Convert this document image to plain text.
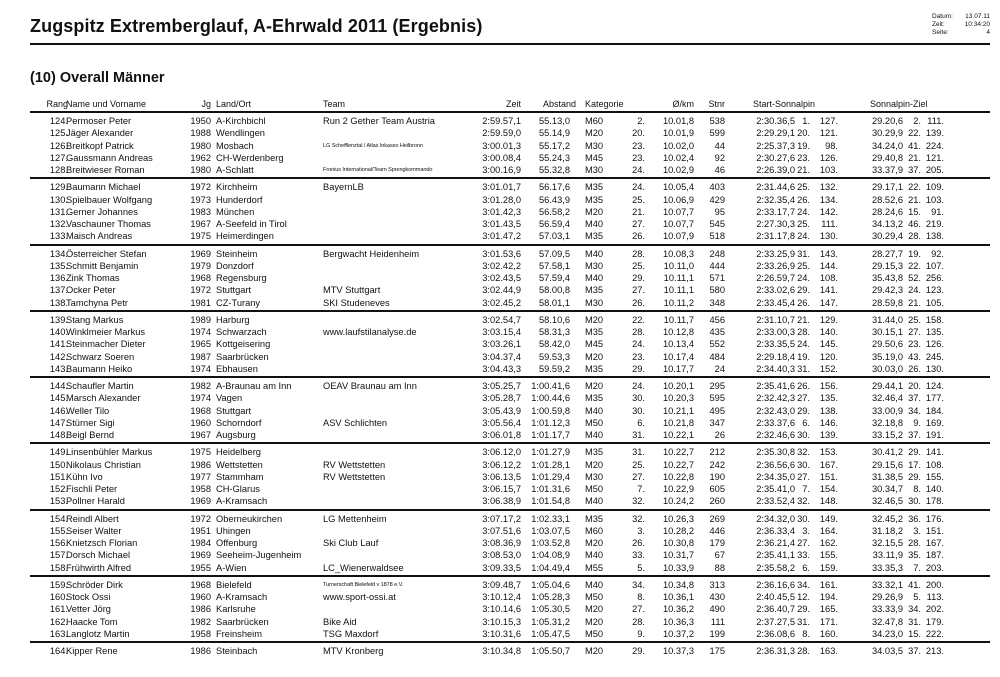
Zugspitz Extremberglauf, A-Ehrwald 2011 (Ergebnis)	Datum: 13.07.11
Zeit:	10:34:20
Seite:	4
(10) Overall Männer
Rang
Name und Vorname	Jg Land/Ort	Team	Zeit	Abstand Kategorie	Ø/km	Stnr	Start-Sonnalpin	Sonnalpin-Ziel
124.
Permoser Peter	1950 A-Kirchbichl	Run 2 Gether Team Austria	2:59.57,1	55.13,0 M60	2.	10.01,8	538	2:30.36,5 1.	127.	29.20,6	2. 111.
125.
Jäger Alexander	1988 Wendlingen	2:59.59,0	55.14,9 M20	20.	10.01,9	599	2:29.29,1 20.	121.	30.29,9 22. 139.
126.
Breitkopf Patrick	1980 Mosbach	LG Schefflenztal / Atlas Inkasso Heilbronn	3:00.01,3	55.17,2 M30	23.	10.02,0	44	2:25.37,3 19.	98.	34.24,0 41. 224.
127.
Gaussmann Andreas	1962 CH-Werdenberg	3:00.08,4	55.24,3 M45	23.	10.02,4	92	2:30.27,6 23.	126.	29.40,8 21. 121.
128.
Breitwieser Roman	1980 A-Schlatt	Fronius International/Team Sprengkommando	3:00.16,9	55.32,8 M30	24.	10.02,9	46	2:26.39,0 21.	103.	33.37,9 37. 205.
129.
Baumann Michael	1972 Kirchheim	BayernLB	3:01.01,7	56.17,6 M35	24.	10.05,4	403	2:31.44,6 25.	132.	29.17,1 22. 109.
130.
Spielbauer Wolfgang	1973 Hunderdorf	3:01.28,0	56.43,9 M35	25.	10.06,9	429	2:32.35,4 26.	134.	28.52,6 21. 103.
131.
Gerner Johannes	1983 München	3:01.42,3	56.58,2 M20	21.	10.07,7	95	2:33.17,7 24.	142.	28.24,6 15.	91.
132.
Vaschauner Thomas	1967 A-Seefeld in Tirol	3:01.43,5	56.59,4 M40	27.	10.07,7	545	2:27.30,3 25.	111.	34.13,2 46. 219.
133.
Maisch Andreas	1975 Heimerdingen	3:01.47,2	57.03,1 M35	26.	10.07,9	518	2:31.17,8 24.	130.	30.29,4 28. 138.
134.
Österreicher Stefan	1969 Steinheim	Bergwacht Heidenheim	3:01.53,6	57.09,5 M40	28.	10.08,3	248	2:33.25,9 31.	143.	28.27,7 19.	92.
135.
Schmitt Benjamin	1979 Donzdorf	3:02.42,2	57.58,1 M30	25.	10.11,0	444	2:33.26,9 25.	144.	29.15,3 22. 107.
136.
Zink Thomas	1968 Regensburg	3:02.43,5	57.59,4 M40	29.	10.11,1	571	2:26.59,7 24.	108.	35.43,8 52. 256.
137.
Ocker Peter	1972 Stuttgart	MTV Stuttgart	3:02.44,9	58.00,8 M35	27.	10.11,1	580	2:33.02,6 29.	141.	29.42,3 24. 123.
138.
Tamchyna Petr	1981 CZ-Turany	SKI Studeneves	3:02.45,2	58.01,1 M30	26.	10.11,2	348	2:33.45,4 26.	147.	28.59,8 21. 105.
139.
Stang Markus	1989 Harburg	3:02.54,7	58.10,6 M20	22.	10.11,7	456	2:31.10,7 21.	129.	31.44,0 25. 158.
140.
Winklmeier Markus	1974 Schwarzach	www.laufstilanalyse.de	3:03.15,4	58.31,3 M35	28.	10.12,8	435	2:33.00,3 28.	140.	30.15,1 27. 135.
141.
Steinmacher Dieter	1965 Kottgeisering	3:03.26,1	58.42,0 M45	24.	10.13,4	552	2:33.35,5 24.	145.	29.50,6 23. 126.
142.
Schwarz Soeren	1987 Saarbrücken	3:04.37,4	59.53,3 M20	23.	10.17,4	484	2:29.18,4 19.	120.	35.19,0 43. 245.
143.
Baumann Heiko	1974 Ebhausen	3:04.43,3	59.59,2 M35	29.	10.17,7	24	2:34.40,3 31.	152.	30.03,0 26. 130.
144.
Schaufler Martin	1982 A-Braunau am Inn	OEAV Braunau am Inn	3:05.25,7	1:00.41,6 M20	24.	10.20,1	295	2:35.41,6 26.	156.	29.44,1 20. 124.
145.
Marsch Alexander	1974 Vagen	3:05.28,7	1:00.44,6 M35	30.	10.20,3	595	2:32.42,3 27.	135.	32.46,4 37. 177.
146.
Weller Tilo	1968 Stuttgart	3:05.43,9	1:00.59,8 M40	30.	10.21,1	495	2:32.43,0 29.	138.	33.00,9 34. 184.
147.
Stürner Sigi	1960 Schorndorf	ASV Schlichten	3:05.56,4	1:01.12,3 M50	6.	10.21,8	347	2:33.37,6 6.	146.	32.18,8	9. 169.
148.
Beigl Bernd	1967 Augsburg	3:06.01,8	1:01.17,7 M40	31.	10.22,1	26	2:32.46,6 30.	139.	33.15,2 37. 191.
149.
Linsenbühler Markus	1975 Heidelberg	3:06.12,0	1:01.27,9 M35	31.	10.22,7	212	2:35.30,8 32.	153.	30.41,2 29. 141.
150.
Nikolaus Christian	1986 Wettstetten	RV Wettstetten	3:06.12,2	1:01.28,1 M20	25.	10.22,7	242	2:36.56,6 30.	167.	29.15,6 17. 108.
151.
Kühn Ivo	1977 Stammham	RV Wettstetten	3:06.13,5	1:01.29,4 M30	27.	10.22,8	190	2:34.35,0 27.	151.	31.38,5 29. 155.
152.
Fischli Peter	1958 CH-Glarus	3:06.15,7	1:01.31,6 M50	7.	10.22,9	605	2:35.41,0 7.	154.	30.34,7	8. 140.
153.
Pollner Harald	1969 A-Kramsach	3:06.38,9	1:01.54,8 M40	32.	10.24,2	260	2:33.52,4 32.	148.	32.46,5 30. 178.
154.
Reindl Albert	1972 Oberneukirchen	LG Mettenheim	3:07.17,2	1:02.33,1 M35	32.	10.26,3	269	2:34.32,0 30.	149.	32.45,2 36. 176.
155.
Seiser Walter	1951 Uhingen	3:07.51,6	1:03.07,5 M60	3.	10.28,2	446	2:36.33,4 3.	164.	31.18,2	3. 151.
156.
Knietzsch Florian	1984 Offenburg	Ski Club Lauf	3:08.36,9	1:03.52,8 M20	26.	10.30,8	179	2:36.21,4 27.	162.	32.15,5 28. 167.
157.
Dorsch Michael	1969 Seeheim-Jugenheim	3:08.53,0	1:04.08,9 M40	33.	10.31,7	67	2:35.41,1 33.	155.	33.11,9 35. 187.
158.
Frühwirth Alfred	1955 A-Wien	LC_Wienerwaldsee	3:09.33,5	1:04.49,4 M55	5.	10.33,9	88	2:35.58,2 6.	159.	33.35,3	7. 203.
159.
Schröder Dirk	1968 Bielefeld	Turnerschaft Bielefeld v 1878 e.V.	3:09.48,7	1:05.04,6 M40	34.	10.34,8	313	2:36.16,6 34.	161.	33.32,1 41. 200.
160.
Stock Ossi	1960 A-Kramsach	www.sport-ossi.at	3:10.12,4	1:05.28,3 M50	8.	10.36,1	430	2:40.45,5 12.	194.	29.26,9	5. 113.
161.
Vetter Jörg	1986 Karlsruhe	3:10.14,6	1:05.30,5 M20	27.	10.36,2	490	2:36.40,7 29.	165.	33.33,9 34. 202.
162.
Haacke Tom	1982 Saarbrücken	Bike Aid	3:10.15,3	1:05.31,2 M20	28.	10.36,3	111	2:37.27,5 31.	171.	32.47,8 31. 179.
163.
Langlotz Martin	1958 Freinsheim	TSG Maxdorf	3:10.31,6	1:05.47,5 M50	9.	10.37,2	199	2:36.08,6 8.	160.	34.23,0 15. 222.
164.
Kipper Rene	1986 Steinbach	MTV Kronberg	3:10.34,8	1:05.50,7 M20	29.	10.37,3	175	2:36.31,3 28.	163.	34.03,5 37. 213.
